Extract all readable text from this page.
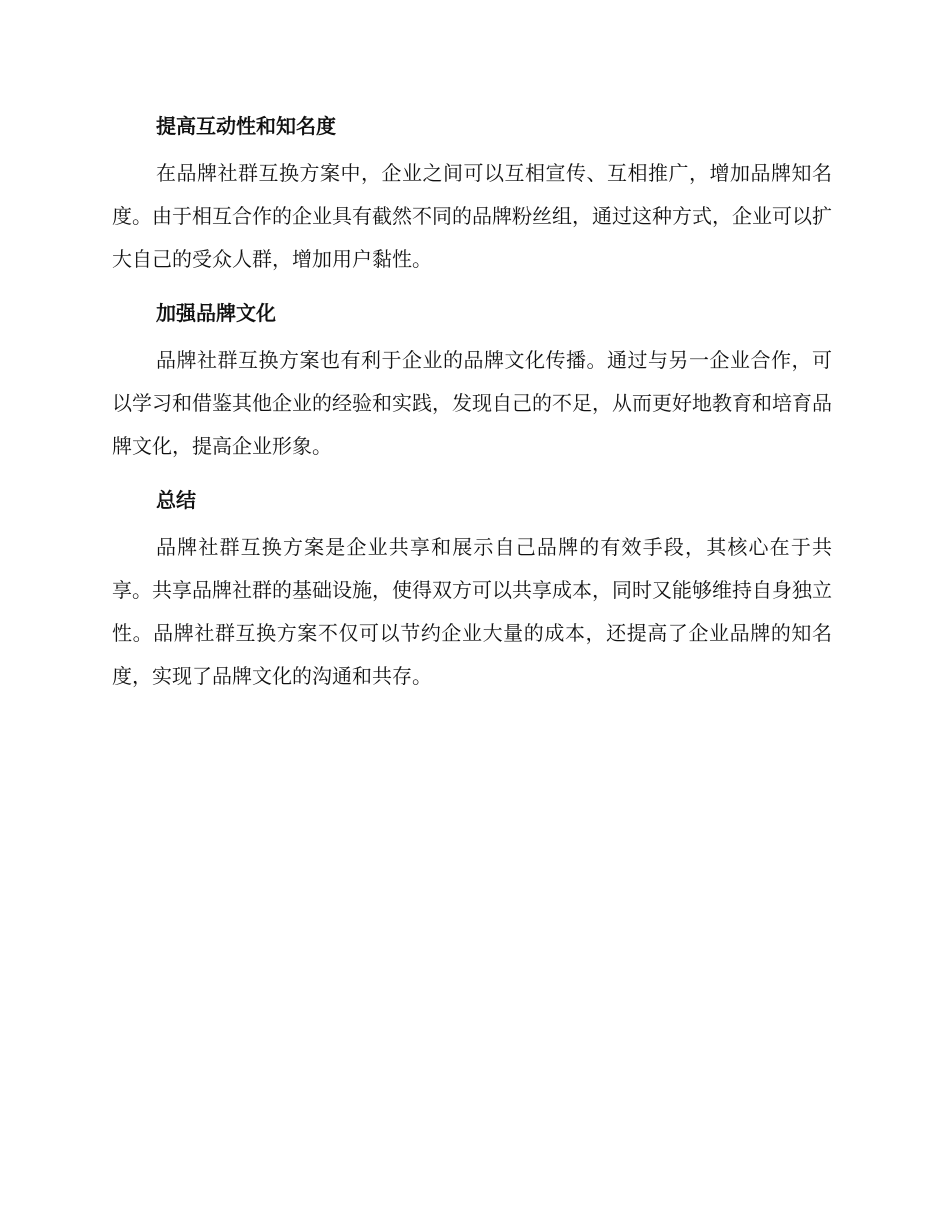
提高互动性和知名度

在品牌社群互换方案中，企业之间可以互相宣传、互相推广，增加品牌知名度。由于相互合作的企业具有截然不同的品牌粉丝组，通过这种方式，企业可以扩大自己的受众人群，增加用户黏性。

加强品牌文化

品牌社群互换方案也有利于企业的品牌文化传播。通过与另一企业合作，可以学习和借鉴其他企业的经验和实践，发现自己的不足，从而更好地教育和培育品牌文化，提高企业形象。

总结

品牌社群互换方案是企业共享和展示自己品牌的有效手段，其核心在于共享。共享品牌社群的基础设施，使得双方可以共享成本，同时又能够维持自身独立性。品牌社群互换方案不仅可以节约企业大量的成本，还提高了企业品牌的知名度，实现了品牌文化的沟通和共存。
